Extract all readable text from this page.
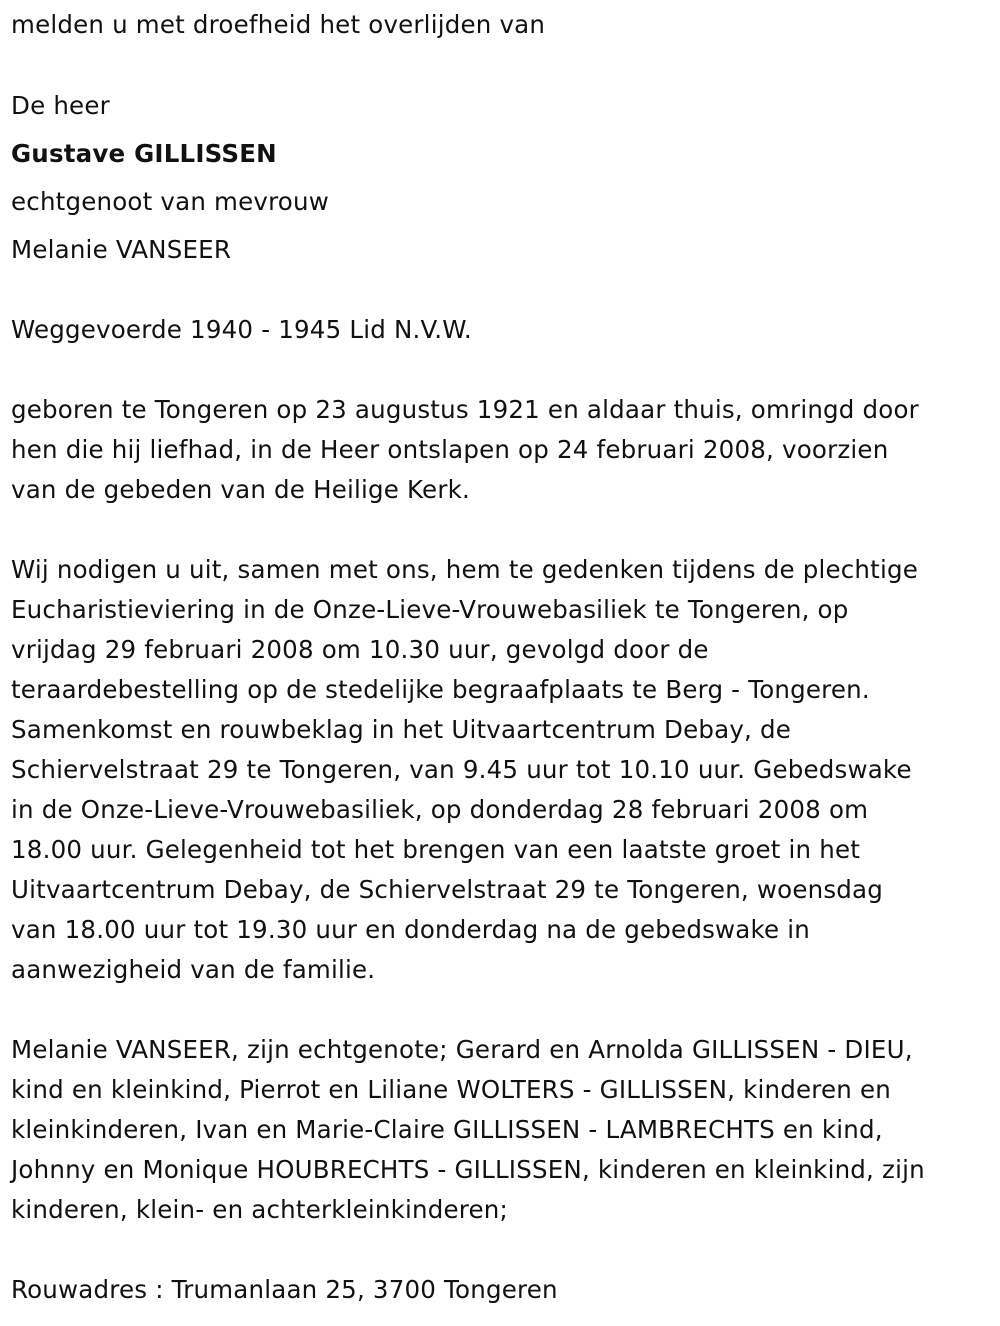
melden u met droefheid het overlijden van
De heer
Gustave GILLISSEN
echtgenoot van mevrouw
Melanie VANSEER
Weggevoerde 1940 - 1945 Lid N.V.W.
geboren te Tongeren op 23 augustus 1921 en aldaar thuis, omringd door
hen die hij liefhad, in de Heer ontslapen op 24 februari 2008, voorzien
van de gebeden van de Heilige Kerk.
Wij nodigen u uit, samen met ons, hem te gedenken tijdens de plechtige
Eucharistieviering in de Onze-Lieve-Vrouwebasiliek te Tongeren, op
vrijdag 29 februari 2008 om 10.30 uur, gevolgd door de
teraardebestelling op de stedelijke begraafplaats te Berg - Tongeren.
Samenkomst en rouwbeklag in het Uitvaartcentrum Debay, de
Schiervelstraat 29 te Tongeren, van 9.45 uur tot 10.10 uur. Gebedswake
in de Onze-Lieve-Vrouwebasiliek, op donderdag 28 februari 2008 om
18.00 uur. Gelegenheid tot het brengen van een laatste groet in het
Uitvaartcentrum Debay, de Schiervelstraat 29 te Tongeren, woensdag
van 18.00 uur tot 19.30 uur en donderdag na de gebedswake in
aanwezigheid van de familie.
Melanie VANSEER, zijn echtgenote; Gerard en Arnolda GILLISSEN - DIEU,
kind en kleinkind, Pierrot en Liliane WOLTERS - GILLISSEN, kinderen en
kleinkinderen, Ivan en Marie-Claire GILLISSEN - LAMBRECHTS en kind,
Johnny en Monique HOUBRECHTS - GILLISSEN, kinderen en kleinkind, zijn
kinderen, klein- en achterkleinkinderen;
Rouwadres : Trumanlaan 25, 3700 Tongeren
